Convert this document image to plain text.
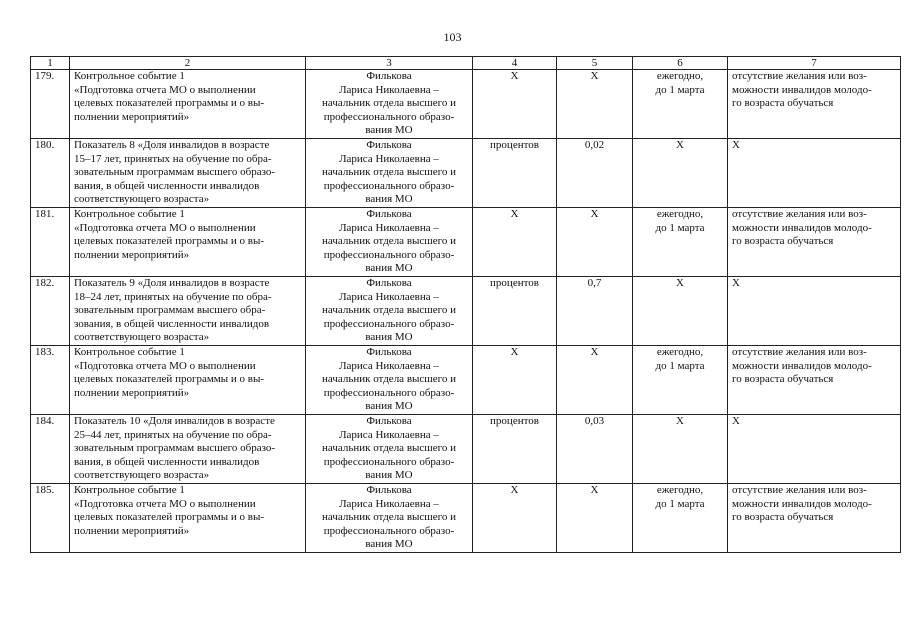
103
1	2	3	4	5	6	7
179.	Контрольное событие 1
«Подготовка отчета МО о выполнении
целевых показателей программы и о вы-
полнении мероприятий»	Филькова
Лариса Николаевна –
начальник отдела высшего и
профессионального образо-
вания МО	Х	Х	ежегодно,
до 1 марта	отсутствие желания или воз-
можности инвалидов молодо-
го возраста обучаться
180.	Показатель 8 «Доля инвалидов в возрасте
15–17 лет, принятых на обучение по обра-
зовательным программам высшего образо-
вания, в общей численности инвалидов
соответствующего возраста»	Филькова
Лариса Николаевна –
начальник отдела высшего и
профессионального образо-
вания МО	процентов	0,02	Х	Х
181.	Контрольное событие 1
«Подготовка отчета МО о выполнении
целевых показателей программы и о вы-
полнении мероприятий»	Филькова
Лариса Николаевна –
начальник отдела высшего и
профессионального образо-
вания МО	Х	Х	ежегодно,
до 1 марта	отсутствие желания или воз-
можности инвалидов молодо-
го возраста обучаться
182.	Показатель 9 «Доля инвалидов в возрасте
18–24 лет, принятых на обучение по обра-
зовательным программам высшего обра-
зования, в общей численности инвалидов
соответствующего возраста»	Филькова
Лариса Николаевна –
начальник отдела высшего и
профессионального образо-
вания МО	процентов	0,7	Х	Х
183.	Контрольное событие 1
«Подготовка отчета МО о выполнении
целевых показателей программы и о вы-
полнении мероприятий»	Филькова
Лариса Николаевна –
начальник отдела высшего и
профессионального образо-
вания МО	Х	Х	ежегодно,
до 1 марта	отсутствие желания или воз-
можности инвалидов молодо-
го возраста обучаться
184.	Показатель 10 «Доля инвалидов в возрасте
25–44 лет, принятых на обучение по обра-
зовательным программам высшего образо-
вания, в общей численности инвалидов
соответствующего возраста»	Филькова
Лариса Николаевна –
начальник отдела высшего и
профессионального образо-
вания МО	процентов	0,03	Х	Х
185.	Контрольное событие 1
«Подготовка отчета МО о выполнении
целевых показателей программы и о вы-
полнении мероприятий»	Филькова
Лариса Николаевна –
начальник отдела высшего и
профессионального образо-
вания МО	Х	Х	ежегодно,
до 1 марта	отсутствие желания или воз-
можности инвалидов молодо-
го возраста обучаться
